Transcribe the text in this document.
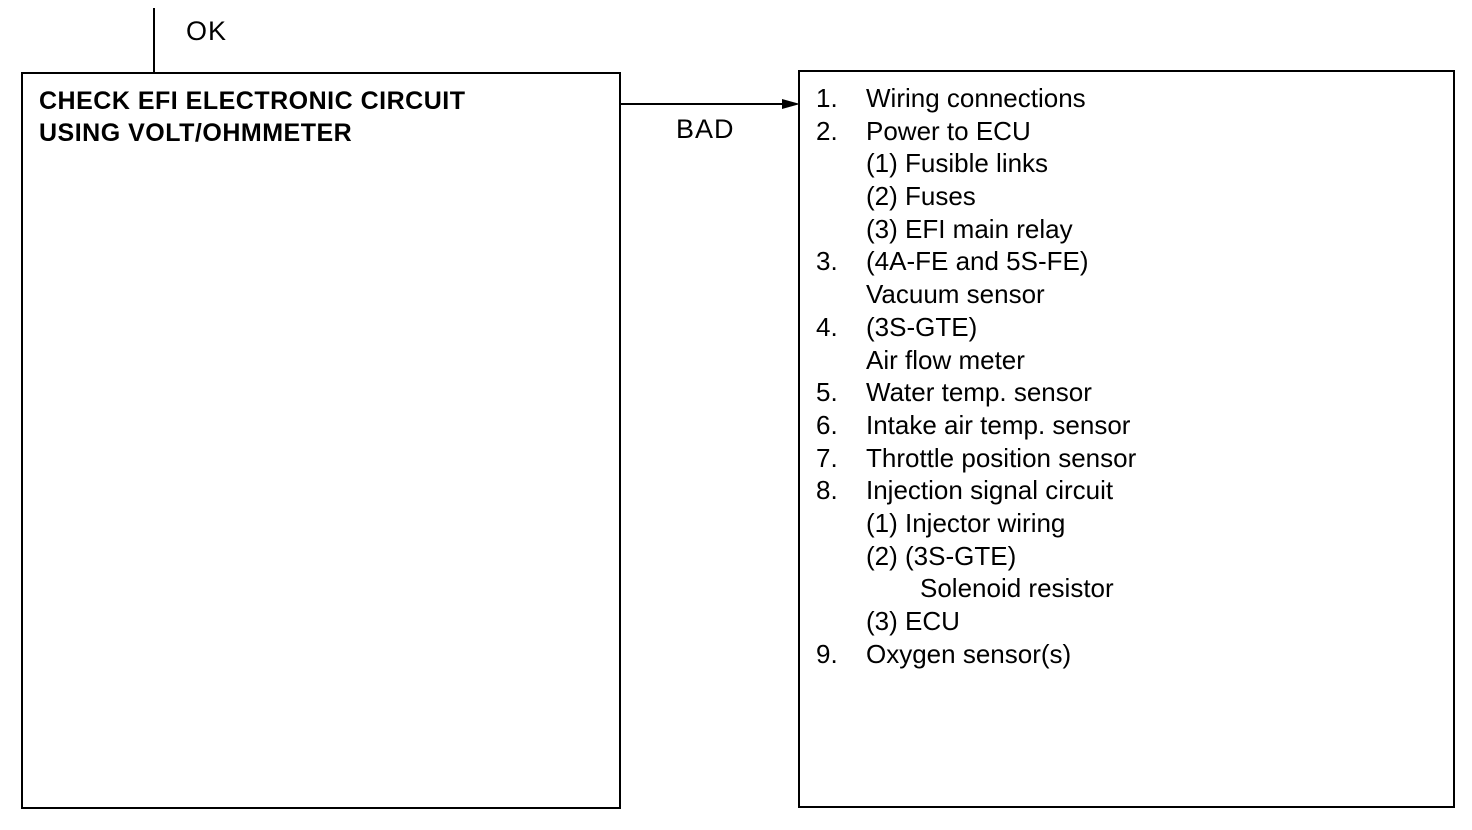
OK
CHECK EFI ELECTRONIC CIRCUIT
USING VOLT/OHMMETER	BAD
1. Wiring connections
2. Power to ECU
(1) Fusible links
(2) Fuses
(3) EFI main relay
3. (4A-FE and 5S-FE)
Vacuum sensor
4. (3S-GTE)
Air flow meter
5. Water temp. sensor
6. Intake air temp. sensor
7. Throttle position sensor
8. Injection signal circuit
(1) Injector wiring
(2) (3S-GTE)
Solenoid resistor
(3) ECU
9. Oxygen sensor(s)
